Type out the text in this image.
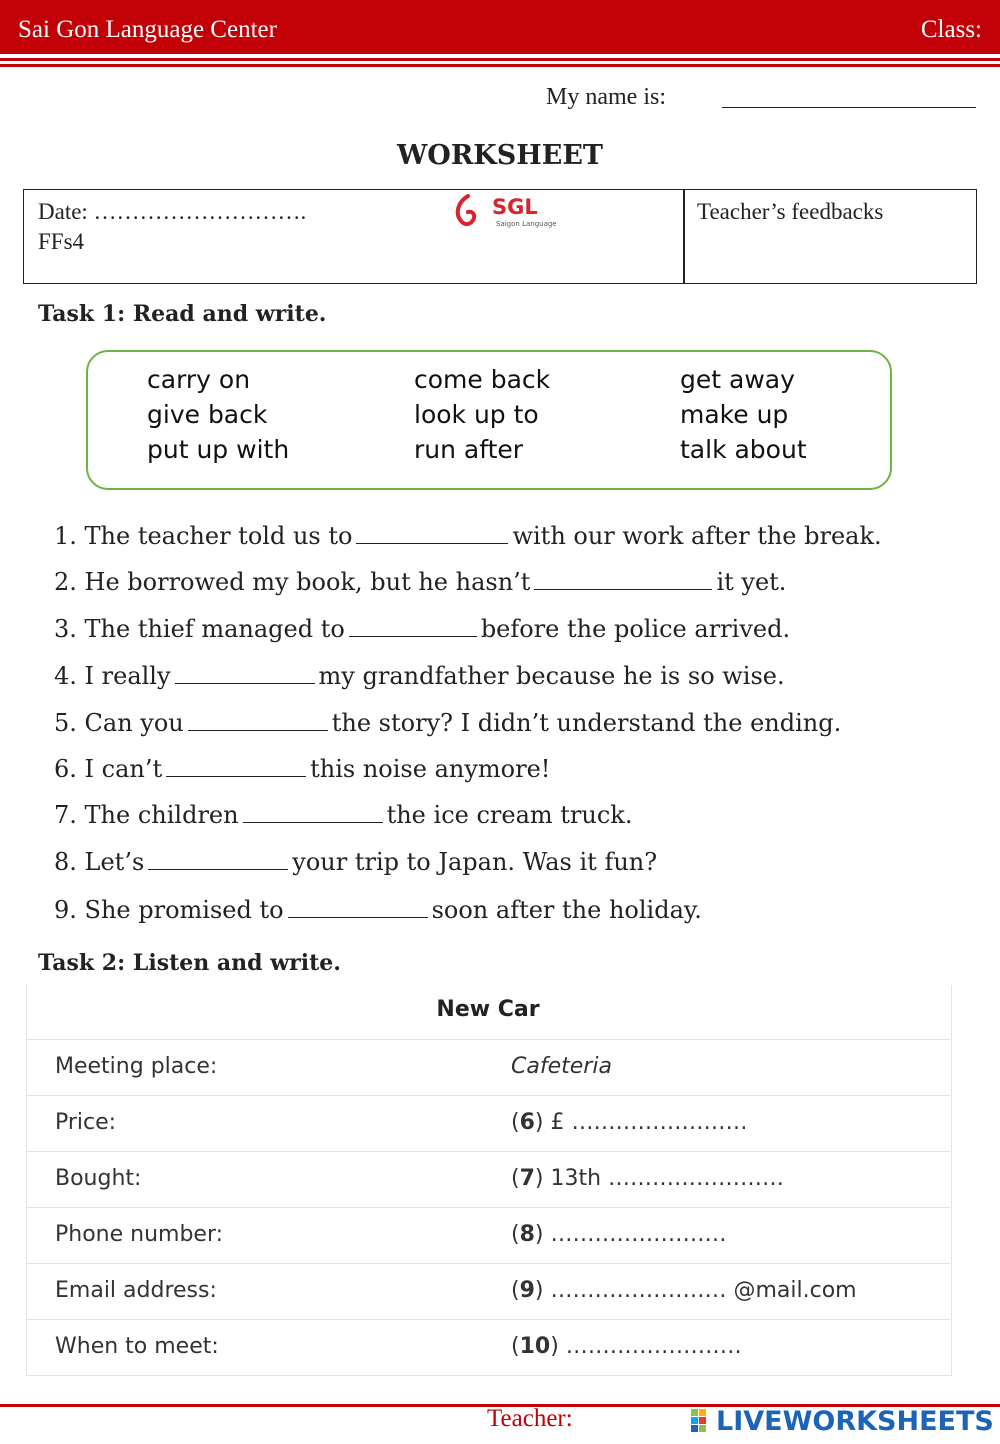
Sai Gon Language Center	Class:
My name is:
WORKSHEET
Date: ……………………….
FFs4
Teacher’s feedbacks
SGL
Saigon Language
Task 1: Read and write.
carry on	come back	get away
give back	look up to	make up
put up with	run after	talk about
1. The teacher told us to	with our work after the break.
2. He borrowed my book, but he hasn’t	it yet.
3. The thief managed to	before the police arrived.
4. I really	my grandfather because he is so wise.
5. Can you	the story? I didn’t understand the ending.
6. I can’t	this noise anymore!
7. The children	the ice cream truck.
8. Let’s	your trip to Japan. Was it fun?
9. She promised to	soon after the holiday.
Task 2: Listen and write.
New Car
Meeting place:	Cafeteria
Price:	(6) £ ……………………
Bought:	(7) 13th ……………………
Phone number:	(8) ……………………
Email address:	(9) …………………… @mail.com
When to meet:	(10) ……………………
Teacher:	LIVEWORKSHEETS
